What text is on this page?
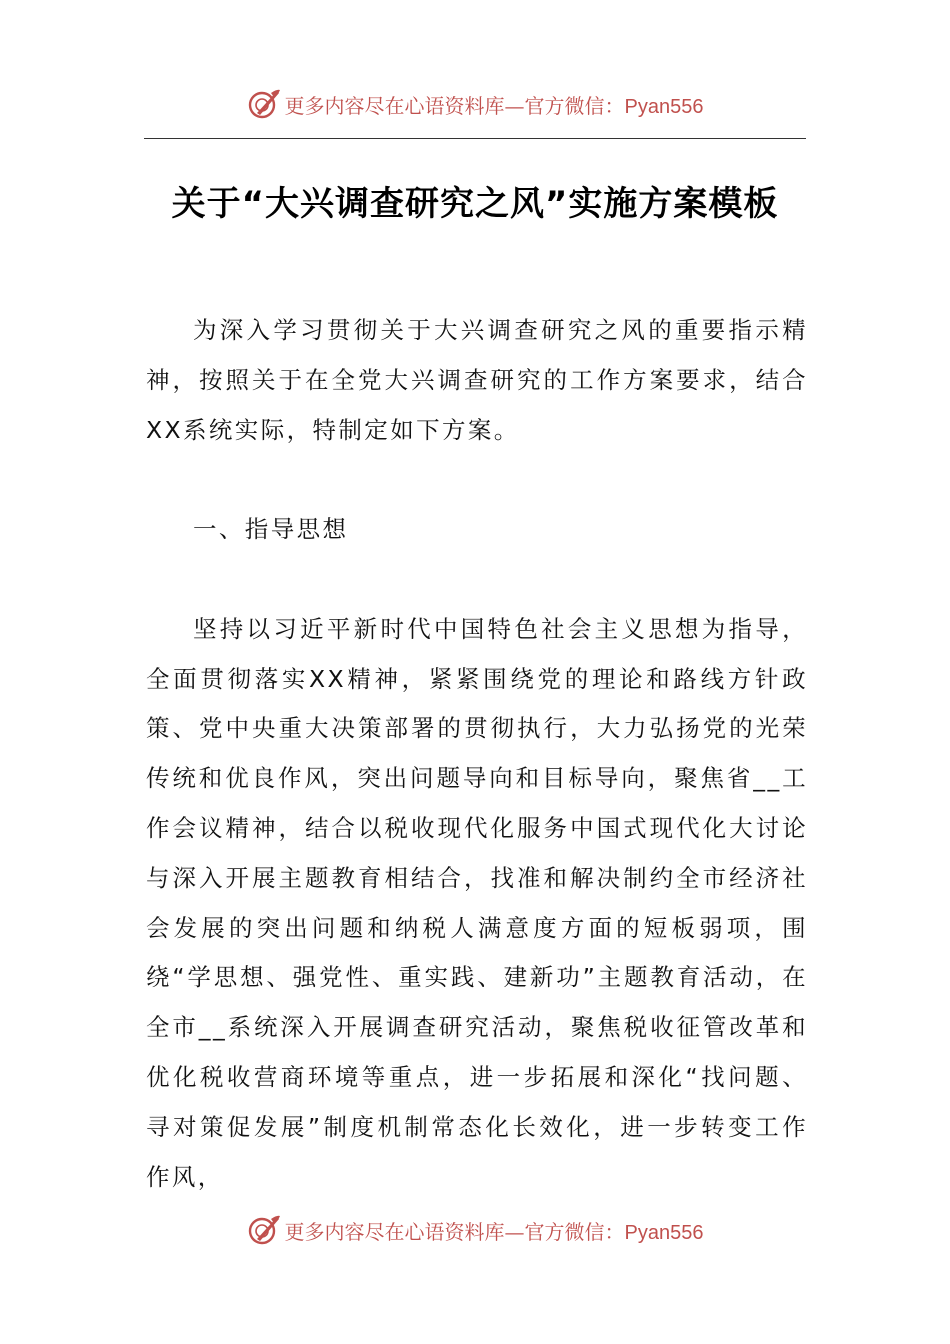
更多内容尽在心语资料库—官方微信：Pyan556
关于“大兴调查研究之风”实施方案模板

为深入学习贯彻关于大兴调查研究之风的重要指示精神，按照关于在全党大兴调查研究的工作方案要求，结合XX系统实际，特制定如下方案。

一、指导思想

坚持以习近平新时代中国特色社会主义思想为指导，全面贯彻落实XX精神，紧紧围绕党的理论和路线方针政策、党中央重大决策部署的贯彻执行，大力弘扬党的光荣传统和优良作风，突出问题导向和目标导向，聚焦省__工作会议精神，结合以税收现代化服务中国式现代化大讨论与深入开展主题教育相结合，找准和解决制约全市经济社会发展的突出问题和纳税人满意度方面的短板弱项，围绕“学思想、强党性、重实践、建新功”主题教育活动，在全市__系统深入开展调查研究活动，聚焦税收征管改革和优化税收营商环境等重点，进一步拓展和深化“找问题、寻对策促发展”制度机制常态化长效化，进一步转变工作作风，

更多内容尽在心语资料库—官方微信：Pyan556
